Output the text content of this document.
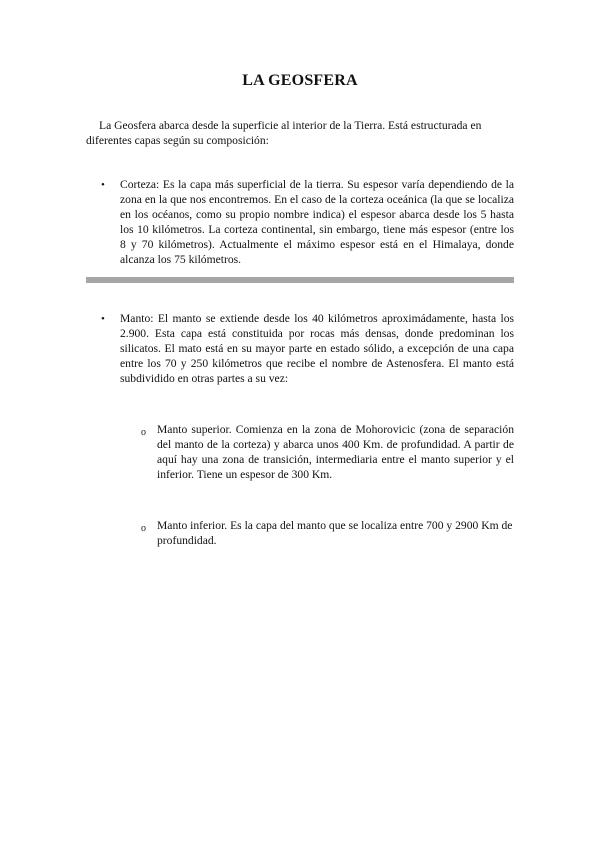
LA GEOSFERA

La Geosfera abarca desde la superficie al interior de la Tierra. Está estructurada en diferentes capas según su composición:

• Corteza: Es la capa más superficial de la tierra. Su espesor varía dependiendo de la zona en la que nos encontremos. En el caso de la corteza oceánica (la que se localiza en los océanos, como su propio nombre indica) el espesor abarca desde los 5 hasta los 10 kilómetros. La corteza continental, sin embargo, tiene más espesor (entre los 8 y 70 kilómetros). Actualmente el máximo espesor está en el Himalaya, donde alcanza los 75 kilómetros.

• Manto: El manto se extiende desde los 40 kilómetros aproximádamente, hasta los 2.900. Esta capa está constituida por rocas más densas, donde predominan los silicatos. El mato está en su mayor parte en estado sólido, a excepción de una capa entre los 70 y 250 kilómetros que recibe el nombre de Astenosfera. El manto está subdividido en otras partes a su vez:

o Manto superior. Comienza en la zona de Mohorovicic (zona de separación del manto de la corteza) y abarca unos 400 Km. de profundidad. A partir de aquí hay una zona de transición, intermediaria entre el manto superior y el inferior. Tiene un espesor de 300 Km.

o Manto inferior. Es la capa del manto que se localiza entre 700 y 2900 Km de profundidad.
